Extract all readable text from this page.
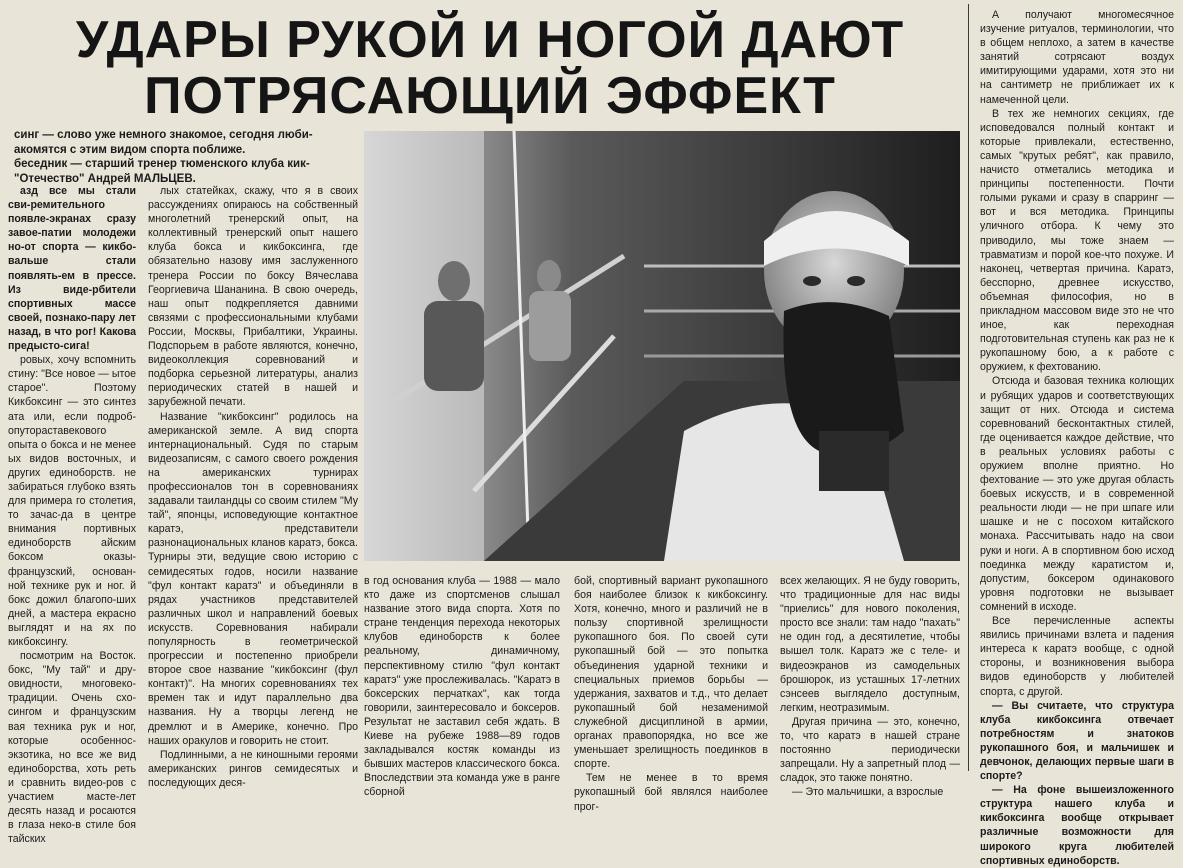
УДАРЫ РУКОЙ И НОГОЙ ДАЮТ
ПОТРЯСАЮЩИЙ ЭФФЕКТ

синг — слово уже немного знакомое, сегодня люби-акомятся с этим видом спорта поближе.

беседник — старший тренер тюменского клуба кик-"Отечество" Андрей МАЛЬЦЕВ.

азд все мы стали сви-ремительного появле-экранах сразу завое-патии молодежи но-от спорта — кикбо-вальше стали появлять-ем в прессе. Из виде-рбители спортивных массе своей, познако-пару лет назад, в что рог! Какова предысто-сига!

ровых, хочу вспомнить стину: "Все новое — ытое старое". Поэтому Кикбоксинг — это синтез ата или, если подроб-опутораставекового опыта о бокса и не менее ых видов восточных, и других единоборств. не забираться глубоко взять для примера го столетия, то зачас-да в центре внимания портивных единоборств айским боксом оказы-французский, основан-ной технике рук и ног. й бокс дожил благопо-ших дней, а мастера екрасно выглядят и на ях по кикбоксингу.

посмотрим на Восток. бокс, "Му тай" и дру-овидности, многовеко-традиции. Очень схо-сингом и французским вая техника рук и ног, которые особеннос-экзотика, но все же вид единоборства, хоть реть и сравнить видео-ров с участием масте-лет десять назад и росаются в глаза неко-в стиле боя тайских

лых статейках, скажу, что я в своих рассуждениях опираюсь на собственный многолетний тренерский опыт, на коллективный тренерский опыт нашего клуба бокса и кикбоксинга, где обязательно назову имя заслуженного тренера России по боксу Вячеслава Георгиевича Шананина. В свою очередь, наш опыт подкрепляется давними связями с профессиональными клубами России, Москвы, Прибалтики, Украины. Подспорьем в работе являются, конечно, видеоколлекция соревнований и подборка серьезной литературы, анализ периодических статей в нашей и зарубежной печати.

Название "кикбоксинг" родилось на американской земле. А вид спорта интернациональный. Судя по старым видеозаписям, с самого своего рождения на американских турнирах профессионалов тон в соревнованиях задавали таиландцы со своим стилем "Му тай", японцы, исповедующие контактное каратэ, представители разнонациональных кланов каратэ, бокса. Турниры эти, ведущие свою историю с семидесятых годов, носили название "фул контакт каратэ" и объединяли в рядах участников представителей различных школ и направлений боевых искусств. Соревнования набирали популярность в геометрической прогрессии и постепенно приобрели второе свое название "кикбоксинг (фул контакт)". На многих соревнованиях тех времен так и идут параллельно два названия. Ну а творцы легенд не дремлют и в Америке, конечно. Про наших оракулов и говорить не стоит.

Подлинными, а не киношными героями американских рингов семидесятых и последующих деся-

в год основания клуба — 1988 — мало кто даже из спортсменов слышал название этого вида спорта. Хотя по стране тенденция перехода некоторых клубов единоборств к более реальному, динамичному, перспективному стилю "фул контакт каратэ" уже прослеживалась. "Каратэ в боксерских перчатках", как тогда говорили, заинтересовало и боксеров. Результат не заставил себя ждать. В Киеве на рубеже 1988—89 годов закладывался костяк команды из бывших мастеров классического бокса. Впоследствии эта команда уже в ранге сборной

бой, спортивный вариант рукопашного боя наиболее близок к кикбоксингу. Хотя, конечно, много и различий не в пользу спортивной зрелищности рукопашного боя. По своей сути рукопашный бой — это попытка объединения ударной техники и специальных приемов борьбы — удержания, захватов и т.д., что делает рукопашный бой незаменимой служебной дисциплиной в армии, органах правопорядка, но все же уменьшает зрелищность поединков в спорте.

Тем не менее в то время рукопашный бой являлся наиболее прог-

всех желающих. Я не буду говорить, что традиционные для нас виды "приелись" для нового поколения, просто все знали: там надо "пахать" не один год, а десятилетие, чтобы вышел толк. Каратэ же с теле- и видеоэкранов из самодельных брошюрок, из усташных 17-летних сэнсеев выглядело доступным, легким, неотразимым.

Другая причина — это, конечно, то, что каратэ в нашей стране постоянно периодически запрещали. Ну а запретный плод — сладок, это также понятно.

— Это мальчишки, а взрослые

А получают многомесячное изучение ритуалов, терминологии, что в общем неплохо, а затем в качестве занятий сотрясают воздух имитирующими ударами, хотя это ни на сантиметр не приближает их к намеченной цели.

В тех же немногих секциях, где исповедовался полный контакт и которые привлекали, естественно, самых "крутых ребят", как правило, начисто отметались методика и принципы постепенности. Почти голыми руками и сразу в спарринг — вот и вся методика. Принципы уличного отбора. К чему это приводило, мы тоже знаем — травматизм и порой кое-что похуже. И наконец, четвертая причина. Каратэ, бесспорно, древнее искусство, объемная философия, но в прикладном массовом виде это не что иное, как переходная подготовительная ступень как раз не к рукопашному бою, а к работе с оружием, к фехтованию.

Отсюда и базовая техника колющих и рубящих ударов и соответствующих защит от них. Отсюда и система соревнований бесконтактных стилей, где оценивается каждое действие, что в реальных условиях работы с оружием вполне приятно. Но фехтование — это уже другая область боевых искусств, и в современной реальности люди — не при шпаге или шашке и не с посохом китайского монаха. Рассчитывать надо на свои руки и ноги. А в спортивном бою исход поединка между каратистом и, допустим, боксером одинакового уровня подготовки не вызывает сомнений в исходе.

Все перечисленные аспекты явились причинами взлета и падения интереса к каратэ вообще, с одной стороны, и возникновения выбора видов единоборств у любителей спорта, с другой.

— Вы считаете, что структура клуба кикбоксинга отвечает потребностям и знатоков рукопашного боя, и мальчишек и девчонок, делающих первые шаги в спорте?

— На фоне вышеизложенного структура нашего клуба и кикбоксинга вообще открывает различные возможности для широкого круга любителей спортивных единоборств.
